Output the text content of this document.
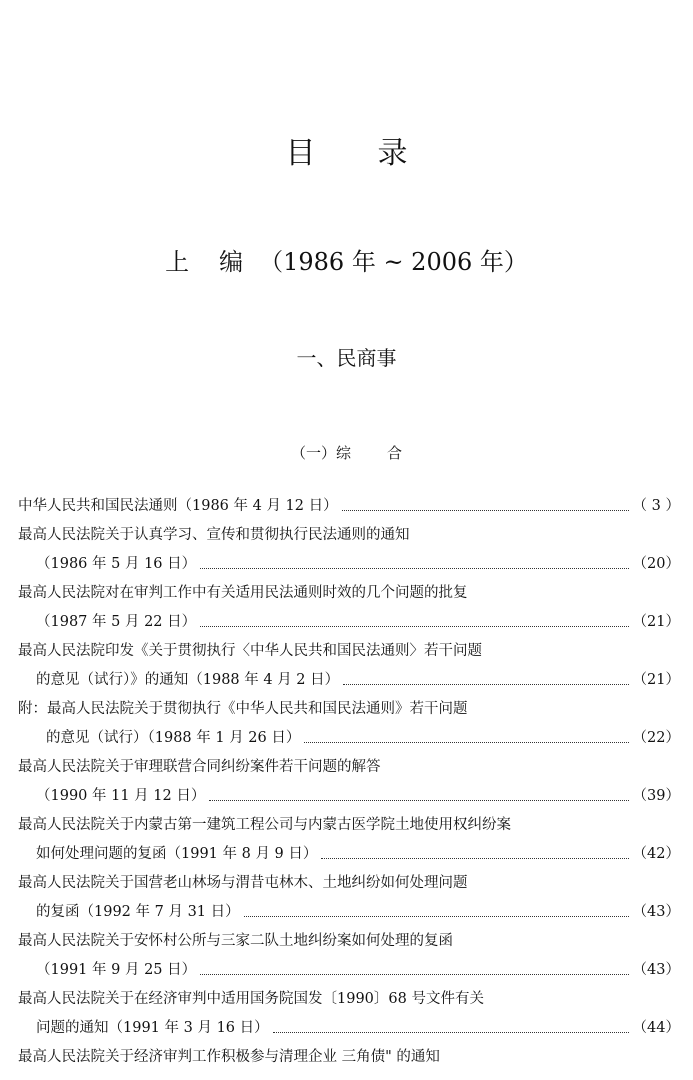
目 录
上 编 （1986 年 ~ 2006 年）
一、民商事
（一）综 合
中华人民共和国民法通则（1986 年 4 月 12 日）	（ 3 ）
最高人民法院关于认真学习、宣传和贯彻执行民法通则的通知
（1986 年 5 月 16 日）	（20）
最高人民法院对在审判工作中有关适用民法通则时效的几个问题的批复
（1987 年 5 月 22 日）	（21）
最高人民法院印发《关于贯彻执行〈中华人民共和国民法通则〉若干问题
的意见（试行）》的通知（1988 年 4 月 2 日）	（21）
附：最高人民法院关于贯彻执行《中华人民共和国民法通则》若干问题
的意见（试行）（1988 年 1 月 26 日）	（22）
最高人民法院关于审理联营合同纠纷案件若干问题的解答
（1990 年 11 月 12 日）	（39）
最高人民法院关于内蒙古第一建筑工程公司与内蒙古医学院土地使用权纠纷案
如何处理问题的复函（1991 年 8 月 9 日）	（42）
最高人民法院关于国营老山林场与渭昔屯林木、土地纠纷如何处理问题
的复函（1992 年 7 月 31 日）	（43）
最高人民法院关于安怀村公所与三家二队土地纠纷案如何处理的复函
（1991 年 9 月 25 日）	（43）
最高人民法院关于在经济审判中适用国务院国发〔1990〕68 号文件有关
问题的通知（1991 年 3 月 16 日）	（44）
最高人民法院关于经济审判工作积极参与清理企业 三角债" 的通知
